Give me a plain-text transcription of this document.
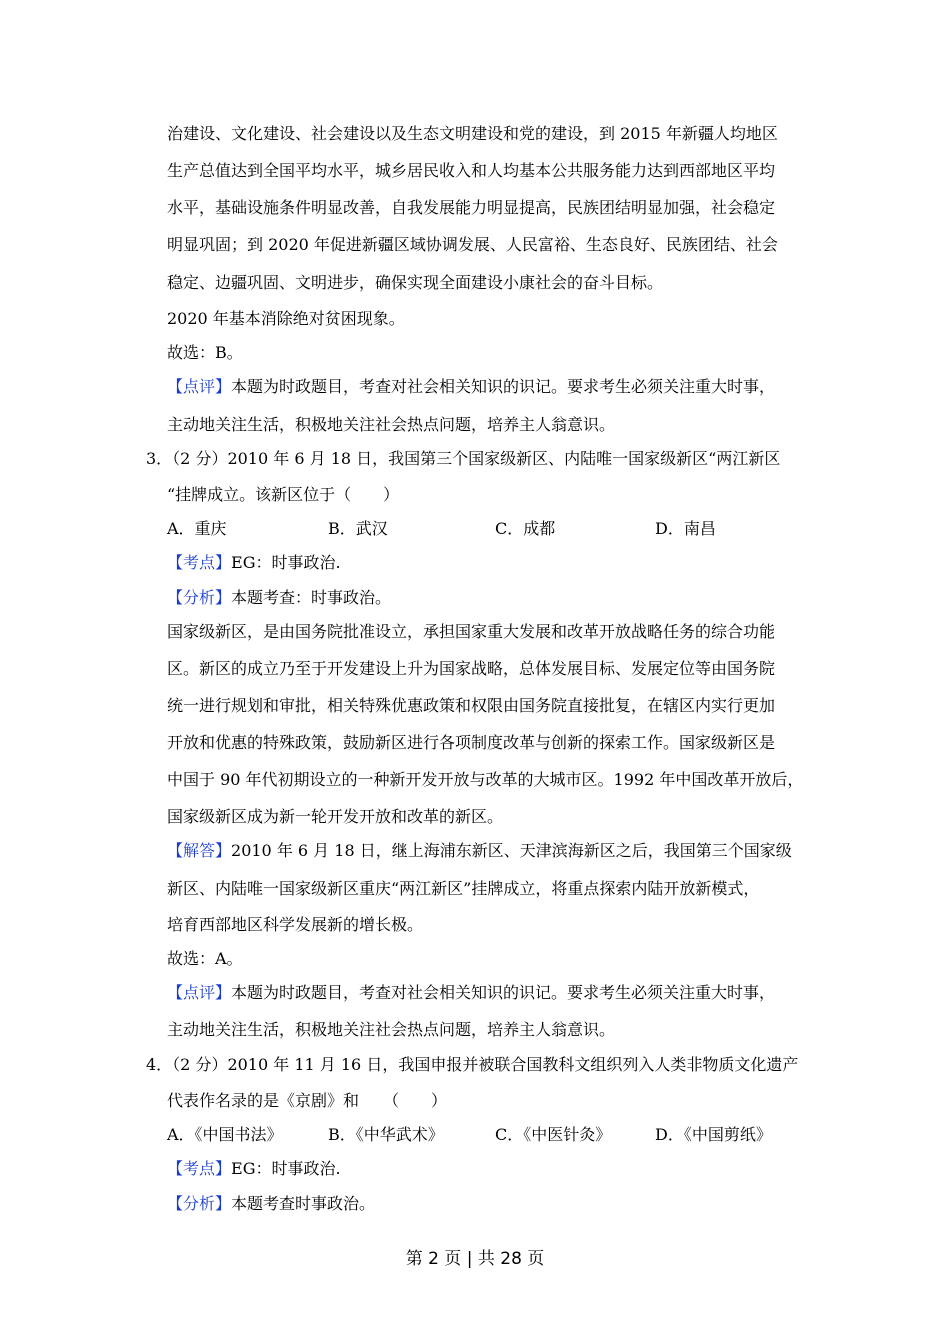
治建设、文化建设、社会建设以及生态文明建设和党的建设，到 2015 年新疆人均地区
生产总值达到全国平均水平，城乡居民收入和人均基本公共服务能力达到西部地区平均
水平，基础设施条件明显改善，自我发展能力明显提高，民族团结明显加强，社会稳定
明显巩固；到 2020 年促进新疆区域协调发展、人民富裕、生态良好、民族团结、社会
稳定、边疆巩固、文明进步，确保实现全面建设小康社会的奋斗目标。
2020 年基本消除绝对贫困现象。
故选：B。
【点评】本题为时政题目，考查对社会相关知识的识记。要求考生必须关注重大时事，
主动地关注生活，积极地关注社会热点问题，培养主人翁意识。
3．（2 分）2010 年 6 月 18 日，我国第三个国家级新区、内陆唯一国家级新区“两江新区
“挂牌成立。该新区位于（　　）
A．重庆	B．武汉	C．成都	D．南昌
【考点】EG：时事政治.
【分析】本题考查：时事政治。
国家级新区，是由国务院批准设立，承担国家重大发展和改革开放战略任务的综合功能
区。新区的成立乃至于开发建设上升为国家战略，总体发展目标、发展定位等由国务院
统一进行规划和审批，相关特殊优惠政策和权限由国务院直接批复，在辖区内实行更加
开放和优惠的特殊政策，鼓励新区进行各项制度改革与创新的探索工作。国家级新区是
中国于 90 年代初期设立的一种新开发开放与改革的大城市区。1992 年中国改革开放后，
国家级新区成为新一轮开发开放和改革的新区。
【解答】2010 年 6 月 18 日，继上海浦东新区、天津滨海新区之后，我国第三个国家级
新区、内陆唯一国家级新区重庆“两江新区”挂牌成立，将重点探索内陆开放新模式，
培育西部地区科学发展新的增长极。
故选：A。
【点评】本题为时政题目，考查对社会相关知识的识记。要求考生必须关注重大时事，
主动地关注生活，积极地关注社会热点问题，培养主人翁意识。
4．（2 分）2010 年 11 月 16 日，我国申报并被联合国教科文组织列入人类非物质文化遗产
代表作名录的是《京剧》和　　（　　）
A．《中国书法》	B．《中华武术》	C．《中医针灸》	D．《中国剪纸》
【考点】EG：时事政治.
【分析】本题考查时事政治。
第 2 页 | 共 28 页
